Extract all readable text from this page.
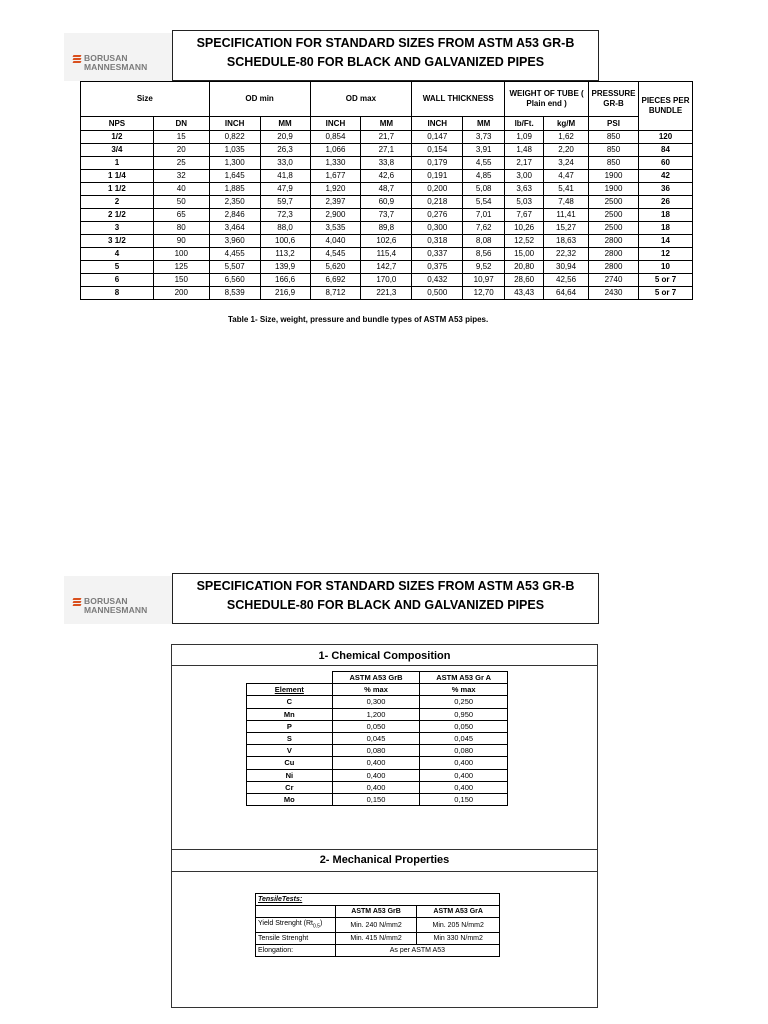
BORUSAN
MANNESMANN
SPECIFICATION FOR STANDARD SIZES FROM ASTM A53 GR-B
SCHEDULE-80 FOR BLACK AND GALVANIZED PIPES
Size		OD min		OD max		WALL THICKNESS		WEIGHT OF TUBE ( Plain end )		PRESSURE GR-B	PIECES PER BUNDLE
NPS	DN	INCH	MM	INCH	MM	INCH	MM	lb/Ft.	kg/M	PSI	
1/2	15	0,822	20,9	0,854	21,7	0,147	3,73	1,09	1,62	850	120
3/4	20	1,035	26,3	1,066	27,1	0,154	3,91	1,48	2,20	850	84
1	25	1,300	33,0	1,330	33,8	0,179	4,55	2,17	3,24	850	60
1 1/4	32	1,645	41,8	1,677	42,6	0,191	4,85	3,00	4,47	1900	42
1 1/2	40	1,885	47,9	1,920	48,7	0,200	5,08	3,63	5,41	1900	36
2	50	2,350	59,7	2,397	60,9	0,218	5,54	5,03	7,48	2500	26
2 1/2	65	2,846	72,3	2,900	73,7	0,276	7,01	7,67	11,41	2500	18
3	80	3,464	88,0	3,535	89,8	0,300	7,62	10,26	15,27	2500	18
3 1/2	90	3,960	100,6	4,040	102,6	0,318	8,08	12,52	18,63	2800	14
4	100	4,455	113,2	4,545	115,4	0,337	8,56	15,00	22,32	2800	12
5	125	5,507	139,9	5,620	142,7	0,375	9,52	20,80	30,94	2800	10
6	150	6,560	166,6	6,692	170,0	0,432	10,97	28,60	42,56	2740	5 or 7
8	200	8,539	216,9	8,712	221,3	0,500	12,70	43,43	64,64	2430	5 or 7
Table 1- Size, weight, pressure and bundle types of ASTM A53 pipes.
BORUSAN
MANNESMANN
SPECIFICATION FOR STANDARD SIZES FROM ASTM A53 GR-B
SCHEDULE-80 FOR BLACK AND GALVANIZED PIPES
1- Chemical Composition
	ASTM A53 GrB	ASTM A53 Gr A
Element	% max	% max
C	0,300	0,250
Mn	1,200	0,950
P	0,050	0,050
S	0,045	0,045
V	0,080	0,080
Cu	0,400	0,400
Ni	0,400	0,400
Cr	0,400	0,400
Mo	0,150	0,150
2- Mechanical Properties
TensileTests:		
	ASTM A53 GrB	ASTM A53 GrA
Yield Strenght $(Rt_{0.5})$	Min. 240 N/mm2	Min. 205 N/mm2
Tensile Strenght	Min. 415 N/mm2	Min 330 N/mm2
Elongation:	As per ASTM A53	
